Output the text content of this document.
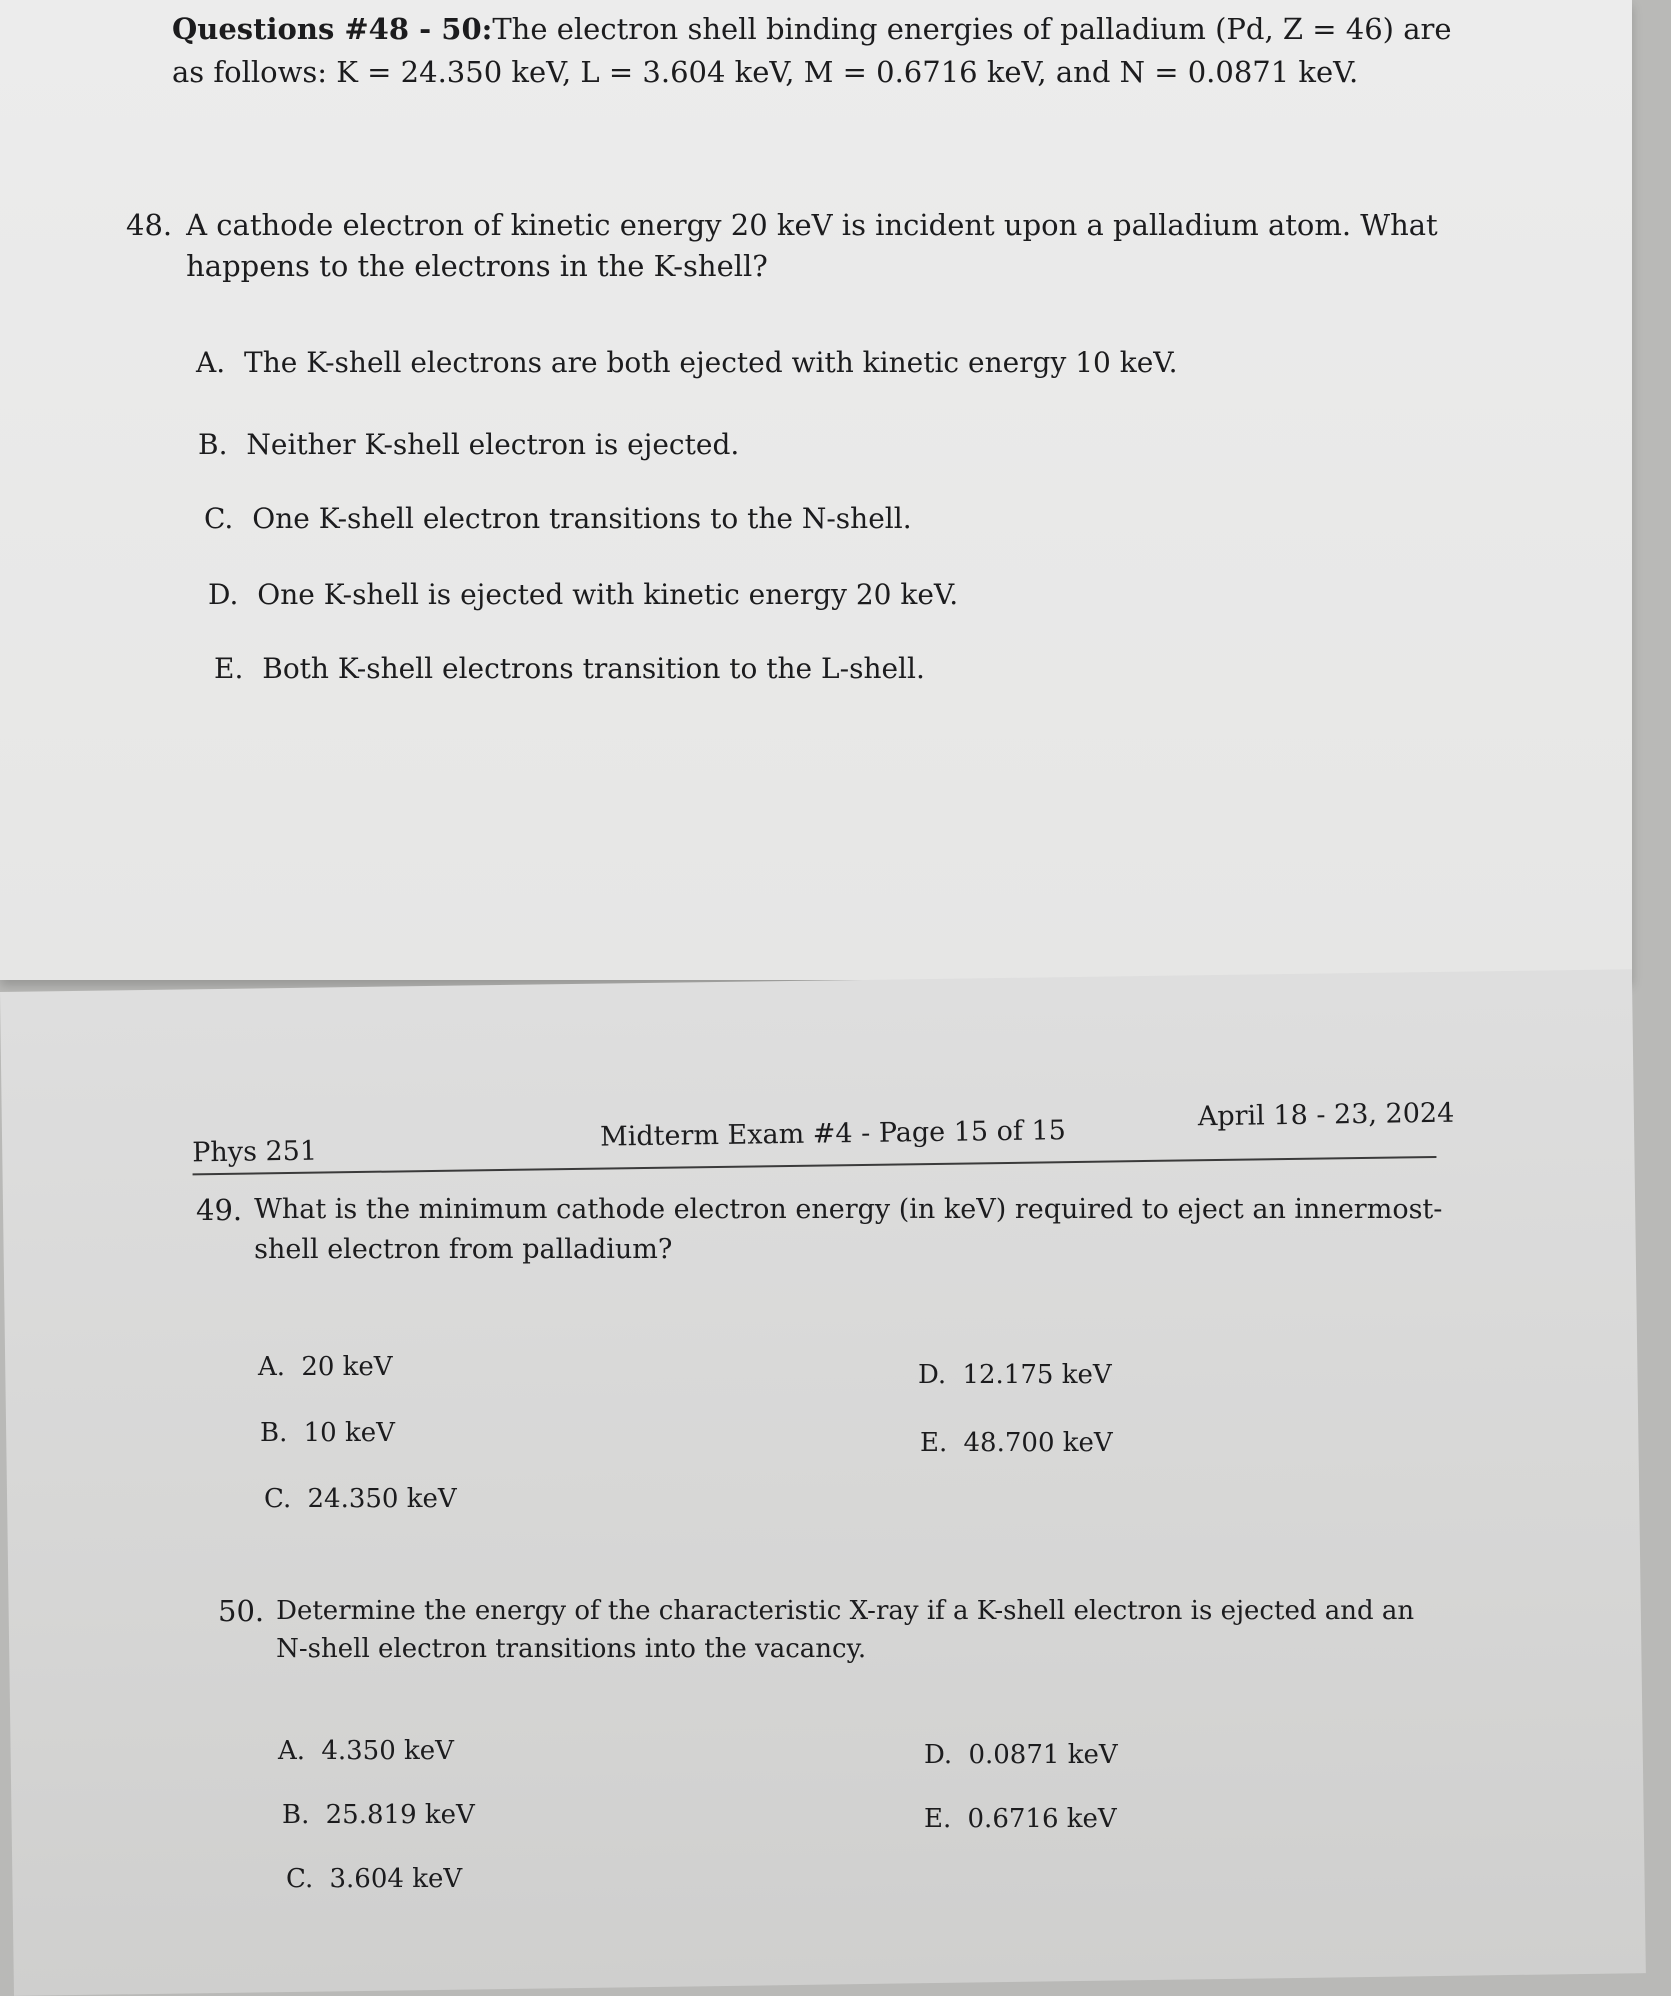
Questions #48 - 50:The electron shell binding energies of palladium (Pd, Z = 46) are as follows: K = 24.350 keV, L = 3.604 keV, M = 0.6716 keV, and N = 0.0871 keV.

48. A cathode electron of kinetic energy 20 keV is incident upon a palladium atom. What happens to the electrons in the K-shell?
A. The K-shell electrons are both ejected with kinetic energy 10 keV.
B. Neither K-shell electron is ejected.
C. One K-shell electron transitions to the N-shell.
D. One K-shell is ejected with kinetic energy 20 keV.
E. Both K-shell electrons transition to the L-shell.
Phys 251	Midterm Exam #4 - Page 15 of 15
April 18 - 23, 2024
49. What is the minimum cathode electron energy (in keV) required to eject an innermost-shell electron from palladium?
A. 20 keV
B. 10 keV
C. 24.350 keV
D. 12.175 keV
E. 48.700 keV
50. Determine the energy of the characteristic X-ray if a K-shell electron is ejected and an N-shell electron transitions into the vacancy.
A. 4.350 keV
B. 25.819 keV
C. 3.604 keV
D. 0.0871 keV
E. 0.6716 keV
